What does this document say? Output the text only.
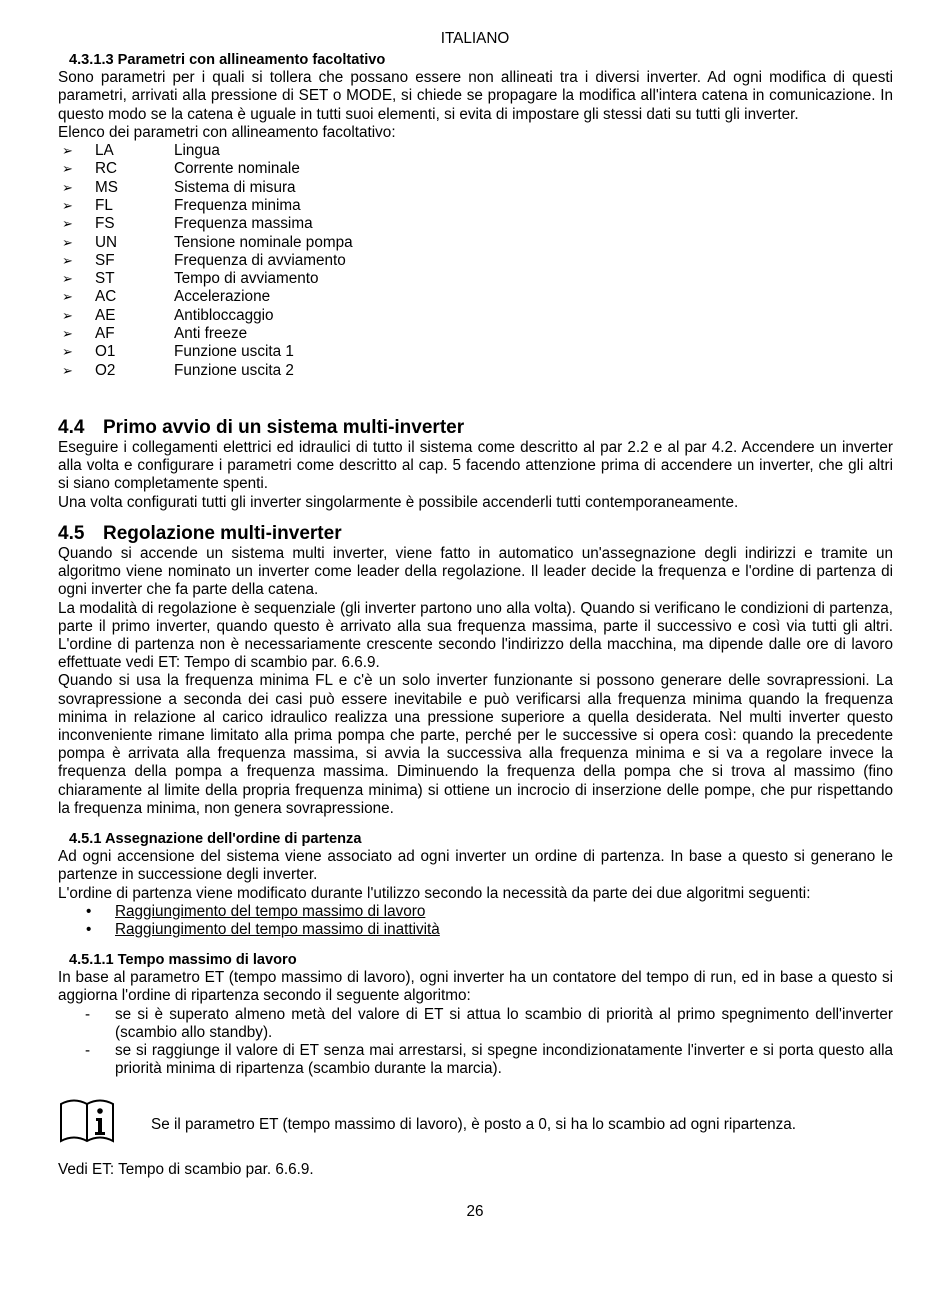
ITALIANO
4.3.1.3 Parametri con allineamento facoltativo

Sono parametri per i quali si tollera che possano essere non allineati tra i diversi inverter. Ad ogni modifica di questi parametri, arrivati alla pressione di SET o MODE, si chiede se propagare la modifica all'intera catena in comunicazione. In questo modo se la catena è uguale in tutti suoi elementi, si evita di impostare gli stessi dati su tutti gli inverter.

Elenco dei parametri con allineamento facoltativo:

➢	LA	Lingua
➢	RC	Corrente nominale
➢	MS	Sistema di misura
➢	FL	Frequenza minima
➢	FS	Frequenza massima
➢	UN	Tensione nominale pompa
➢	SF	Frequenza di avviamento
➢	ST	Tempo di avviamento
➢	AC	Accelerazione
➢	AE	Antibloccaggio
➢	AF	Anti freeze
➢	O1	Funzione uscita 1
➢	O2	Funzione uscita 2
4.4 Primo avvio di un sistema multi-inverter

Eseguire i collegamenti elettrici ed idraulici di tutto il sistema come descritto al par 2.2 e al par 4.2. Accendere un inverter alla volta e configurare i parametri come descritto al cap. 5 facendo attenzione prima di accendere un inverter, che gli altri si siano completamente spenti.

Una volta configurati tutti gli inverter singolarmente è possibile accenderli tutti contemporaneamente.

4.5 Regolazione multi-inverter

Quando si accende un sistema multi inverter, viene fatto in automatico un'assegnazione degli indirizzi e tramite un algoritmo viene nominato un inverter come leader della regolazione. Il leader decide la frequenza e l'ordine di partenza di ogni inverter che fa parte della catena.

La modalità di regolazione è sequenziale (gli inverter partono uno alla volta). Quando si verificano le condizioni di partenza, parte il primo inverter, quando questo è arrivato alla sua frequenza massima, parte il successivo e così via tutti gli altri. L'ordine di partenza non è necessariamente crescente secondo l'indirizzo della macchina, ma dipende dalle ore di lavoro effettuate vedi ET: Tempo di scambio par. 6.6.9.

Quando si usa la frequenza minima FL e c'è un solo inverter funzionante si possono generare delle sovrapressioni. La sovrapressione a seconda dei casi può essere inevitabile e può verificarsi alla frequenza minima quando la frequenza minima in relazione al carico idraulico realizza una pressione superiore a quella desiderata. Nel multi inverter questo inconveniente rimane limitato alla prima pompa che parte, perché per le successive si opera così: quando la precedente pompa è arrivata alla frequenza massima, si avvia la successiva alla frequenza minima e si va a regolare invece la frequenza della pompa a frequenza massima. Diminuendo la frequenza della pompa che si trova al massimo (fino chiaramente al limite della propria frequenza minima) si ottiene un incrocio di inserzione delle pompe, che pur rispettando la frequenza minima, non genera sovrapressione.

4.5.1 Assegnazione dell'ordine di partenza

Ad ogni accensione del sistema viene associato ad ogni inverter un ordine di partenza. In base a questo si generano le partenze in successione degli inverter.

L'ordine di partenza viene modificato durante l'utilizzo secondo la necessità da parte dei due algoritmi seguenti:

•	Raggiungimento del tempo massimo di lavoro
•	Raggiungimento del tempo massimo di inattività
4.5.1.1 Tempo massimo di lavoro

In base al parametro ET (tempo massimo di lavoro), ogni inverter ha un contatore del tempo di run, ed in base a questo si aggiorna l'ordine di ripartenza secondo il seguente algoritmo:

-	se si è superato almeno metà del valore di ET si attua lo scambio di priorità al primo spegnimento dell'inverter (scambio allo standby).
-	se si raggiunge il valore di ET senza mai arrestarsi, si spegne incondizionatamente l'inverter e si porta questo alla priorità minima di ripartenza (scambio durante la marcia).
Se il parametro ET (tempo massimo di lavoro), è posto a 0, si ha lo scambio ad ogni ripartenza.
Vedi ET: Tempo di scambio par. 6.6.9.
26
